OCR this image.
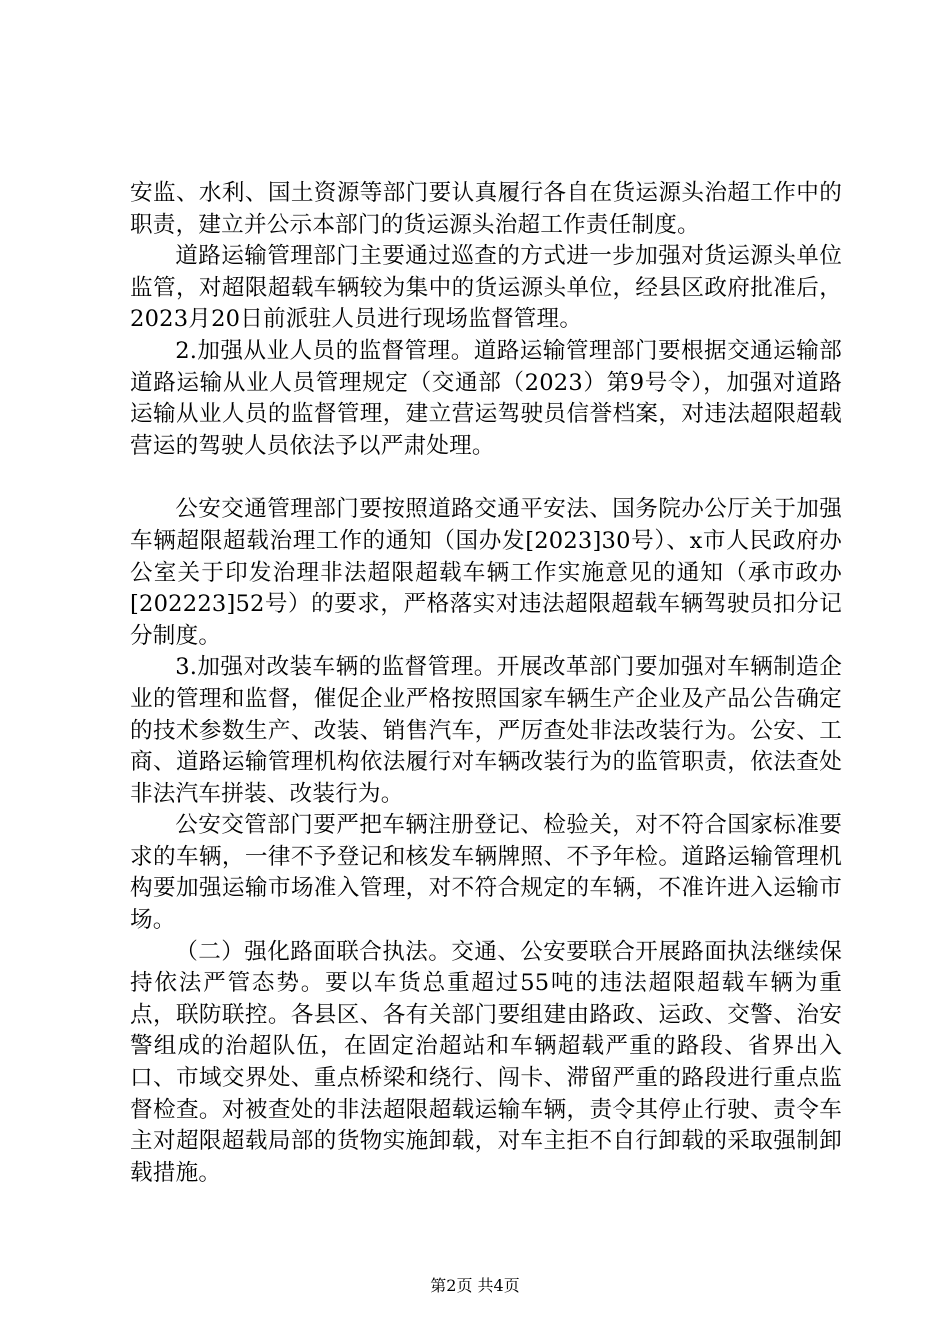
安监、水利、国土资源等部门要认真履行各自在货运源头治超工作中的职责，建立并公示本部门的货运源头治超工作责任制度。

道路运输管理部门主要通过巡查的方式进一步加强对货运源头单位监管，对超限超载车辆较为集中的货运源头单位，经县区政府批准后，2023月20日前派驻人员进行现场监督管理。

2.加强从业人员的监督管理。道路运输管理部门要根据交通运输部道路运输从业人员管理规定（交通部（2023）第9号令），加强对道路运输从业人员的监督管理，建立营运驾驶员信誉档案，对违法超限超载营运的驾驶人员依法予以严肃处理。

公安交通管理部门要按照道路交通平安法、国务院办公厅关于加强车辆超限超载治理工作的通知（国办发[2023]30号）、x市人民政府办公室关于印发治理非法超限超载车辆工作实施意见的通知（承市政办[202223]52号）的要求，严格落实对违法超限超载车辆驾驶员扣分记分制度。

3.加强对改装车辆的监督管理。开展改革部门要加强对车辆制造企业的管理和监督，催促企业严格按照国家车辆生产企业及产品公告确定的技术参数生产、改装、销售汽车，严厉查处非法改装行为。公安、工商、道路运输管理机构依法履行对车辆改装行为的监管职责，依法查处非法汽车拼装、改装行为。

公安交管部门要严把车辆注册登记、检验关，对不符合国家标准要求的车辆，一律不予登记和核发车辆牌照、不予年检。道路运输管理机构要加强运输市场准入管理，对不符合规定的车辆，不准许进入运输市场。

（二）强化路面联合执法。交通、公安要联合开展路面执法继续保持依法严管态势。要以车货总重超过55吨的违法超限超载车辆为重点，联防联控。各县区、各有关部门要组建由路政、运政、交警、治安警组成的治超队伍，在固定治超站和车辆超载严重的路段、省界出入口、市域交界处、重点桥梁和绕行、闯卡、滞留严重的路段进行重点监督检查。对被查处的非法超限超载运输车辆，责令其停止行驶、责令车主对超限超载局部的货物实施卸载，对车主拒不自行卸载的采取强制卸载措施。

第2页 共4页
